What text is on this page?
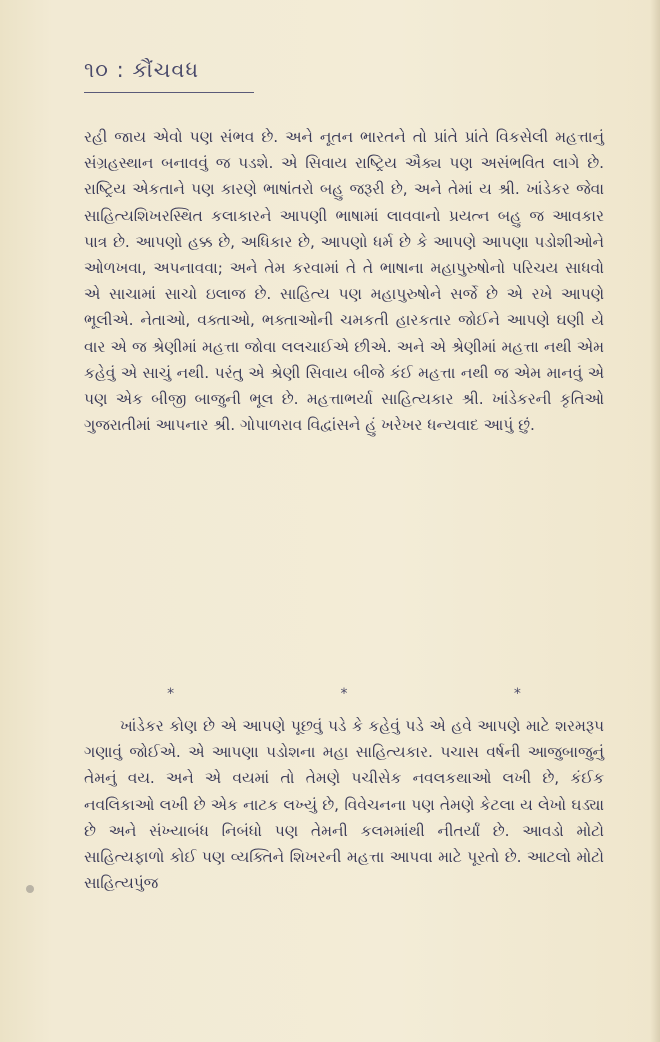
૧૦ : કૌંચવધ

રહી જાય એવો પણ સંભવ છે. અને નૂતન ભારતને તો પ્રાંતે પ્રાંતે વિકસેલી મહત્તાનું સંગ્રહસ્થાન બનાવવું જ પડશે. એ સિવાય રાષ્ટ્રિય ઐક્ય પણ અસંભવિત લાગે છે. રાષ્ટ્રિય એકતાને પણ કારણે ભાષાંતરો બહુ જરૂરી છે, અને તેમાં ય શ્રી. ખાંડેકર જેવા સાહિત્યશિખરસ્થિત કલાકારને આપણી ભાષામાં લાવવાનો પ્રયત્ન બહુ જ આવકાર પાત્ર છે. આપણો હક્ક છે, અધિકાર છે, આપણો ધર્મ છે કે આપણે આપણા પડોશીઓને ઓળખવા, અપનાવવા; અને તેમ કરવામાં તે તે ભાષાના મહાપુરુષોનો પરિચય સાધવો એ સાચામાં સાચો ઇલાજ છે. સાહિત્ય પણ મહાપુરુષોને સર્જે છે એ રખે આપણે ભૂલીએ. નેતાઓ, વક્તાઓ, ભક્તાઓની ચમકતી હારકતાર જોઈને આપણે ઘણી યે વાર એ જ શ્રેણીમાં મહત્તા જોવા લલચાઈએ છીએ. અને એ શ્રેણીમાં મહત્તા નથી એમ કહેવું એ સાચું નથી. પરંતુ એ શ્રેણી સિવાય બીજે કંઈ મહત્તા નથી જ એમ માનવું એ પણ એક બીજી બાજુની ભૂલ છે. મહત્તાભર્યા સાહિત્યકાર શ્રી. ખાંડેકરની કૃતિઓ ગુજરાતીમાં આપનાર શ્રી. ગોપાળરાવ વિદ્વાંસને હું ખરેખર ધન્યવાદ આપું છું.

*	*	*

ખાંડેકર કોણ છે એ આપણે પૂછવું પડે કે કહેવું પડે એ હવે આપણે માટે શરમરૂપ ગણાવું જોઈએ. એ આપણા પડોશના મહા સાહિત્યકાર. પચાસ વર્ષની આજુબાજુનું તેમનું વય. અને એ વયમાં તો તેમણે પચીસેક નવલકથાઓ લખી છે, કંઈક નવલિકાઓ લખી છે એક નાટક લખ્યું છે, વિવેચનના પણ તેમણે કેટલા ય લેખો ઘડ્યા છે અને સંખ્યાબંધ નિબંધો પણ તેમની કલમમાંથી નીતર્યાં છે. આવડો મોટો સાહિત્યફાળો કોઈ પણ વ્યક્તિને શિખરની મહત્તા આપવા માટે પૂરતો છે. આટલો મોટો સાહિત્યપુંજ
